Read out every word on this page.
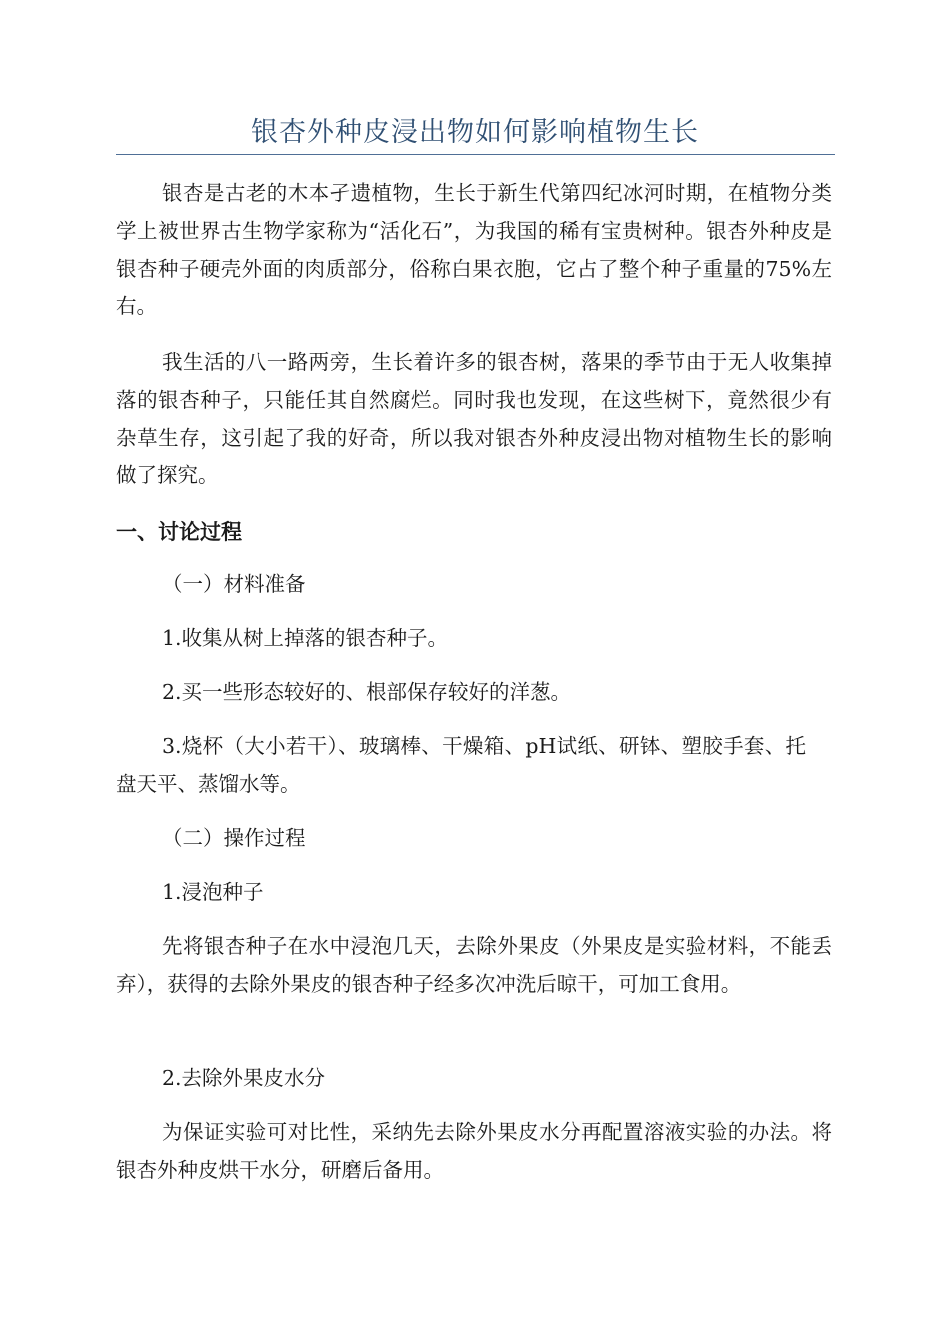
银杏外种皮浸出物如何影响植物生长

银杏是古老的木本孑遗植物，生长于新生代第四纪冰河时期，在植物分类学上被世界古生物学家称为“活化石”，为我国的稀有宝贵树种。银杏外种皮是银杏种子硬壳外面的肉质部分，俗称白果衣胞，它占了整个种子重量的75%左右。

我生活的八一路两旁，生长着许多的银杏树，落果的季节由于无人收集掉落的银杏种子，只能任其自然腐烂。同时我也发现，在这些树下，竟然很少有杂草生存，这引起了我的好奇，所以我对银杏外种皮浸出物对植物生长的影响做了探究。

一、讨论过程

（一）材料准备

1.收集从树上掉落的银杏种子。

2.买一些形态较好的、根部保存较好的洋葱。

3.烧杯（大小若干）、玻璃棒、干燥箱、pH试纸、研钵、塑胶手套、托盘天平、蒸馏水等。

（二）操作过程

1.浸泡种子

先将银杏种子在水中浸泡几天，去除外果皮（外果皮是实验材料，不能丢弃），获得的去除外果皮的银杏种子经多次冲洗后晾干，可加工食用。

2.去除外果皮水分

为保证实验可对比性，采纳先去除外果皮水分再配置溶液实验的办法。将银杏外种皮烘干水分，研磨后备用。
